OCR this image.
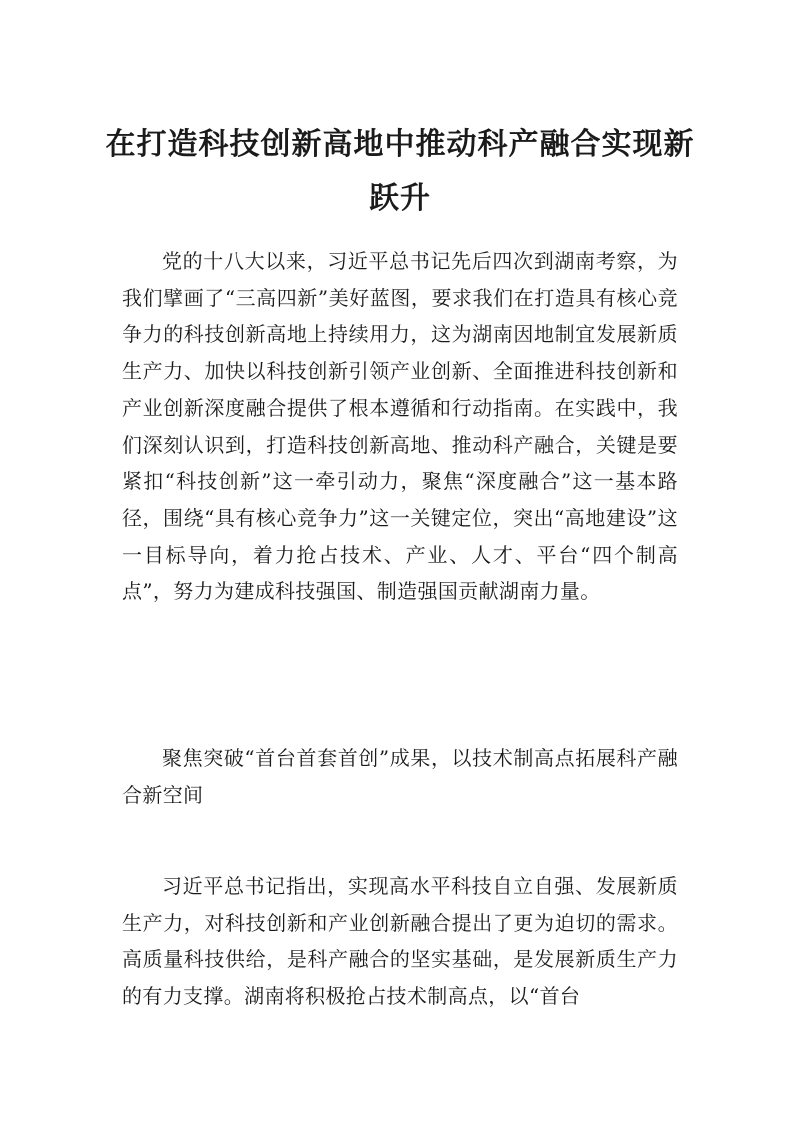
在打造科技创新高地中推动科产融合实现新跃升

党的十八大以来，习近平总书记先后四次到湖南考察，为我们擘画了“三高四新”美好蓝图，要求我们在打造具有核心竞争力的科技创新高地上持续用力，这为湖南因地制宜发展新质生产力、加快以科技创新引领产业创新、全面推进科技创新和产业创新深度融合提供了根本遵循和行动指南。在实践中，我们深刻认识到，打造科技创新高地、推动科产融合，关键是要紧扣“科技创新”这一牵引动力，聚焦“深度融合”这一基本路径，围绕“具有核心竞争力”这一关键定位，突出“高地建设”这一目标导向，着力抢占技术、产业、人才、平台“四个制高点”，努力为建成科技强国、制造强国贡献湖南力量。

聚焦突破“首台首套首创”成果，以技术制高点拓展科产融合新空间

习近平总书记指出，实现高水平科技自立自强、发展新质生产力，对科技创新和产业创新融合提出了更为迫切的需求。高质量科技供给，是科产融合的坚实基础，是发展新质生产力的有力支撑。湖南将积极抢占技术制高点，以“首台
